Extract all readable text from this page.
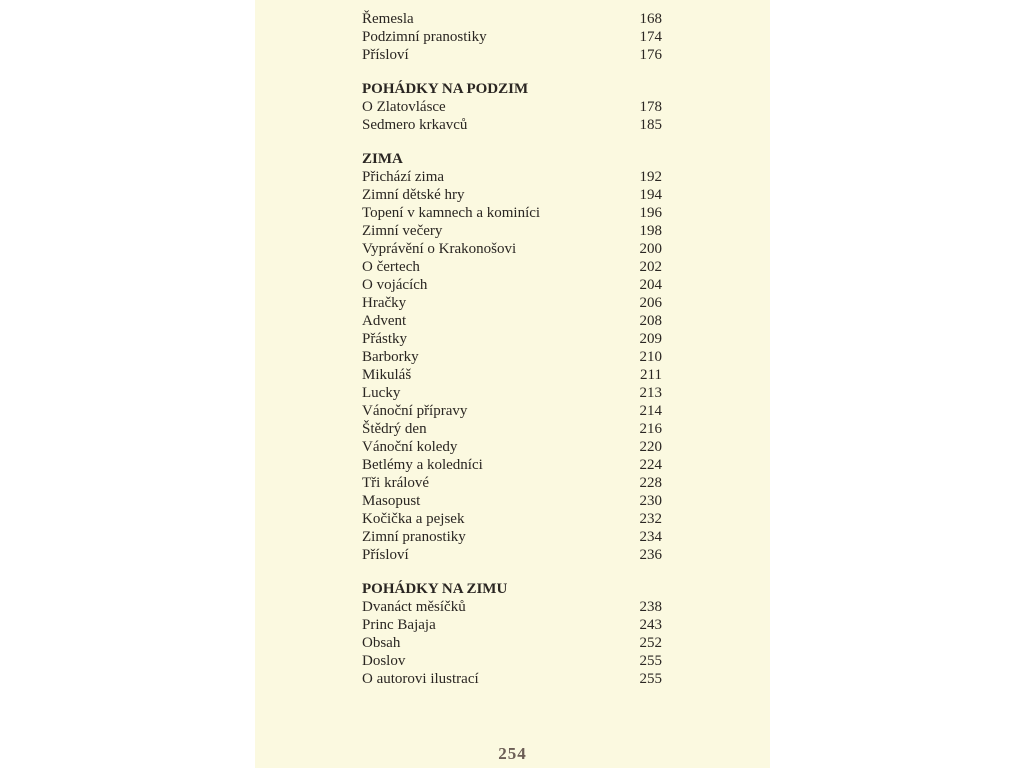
Řemesla	168
Podzimní pranostiky	174
Přísloví	176
POHÁDKY NA PODZIM
O Zlatovlásce	178
Sedmero krkavců	185
ZIMA
Přichází zima	192
Zimní dětské hry	194
Topení v kamnech a kominíci	196
Zimní večery	198
Vyprávění o Krakonošovi	200
O čertech	202
O vojácích	204
Hračky	206
Advent	208
Přástky	209
Barborky	210
Mikuláš	211
Lucky	213
Vánoční přípravy	214
Štědrý den	216
Vánoční koledy	220
Betlémy a koledníci	224
Tři králové	228
Masopust	230
Kočička a pejsek	232
Zimní pranostiky	234
Přísloví	236
POHÁDKY NA ZIMU
Dvanáct měsíčků	238
Princ Bajaja	243
Obsah	252
Doslov	255
O autorovi ilustrací	255
254
